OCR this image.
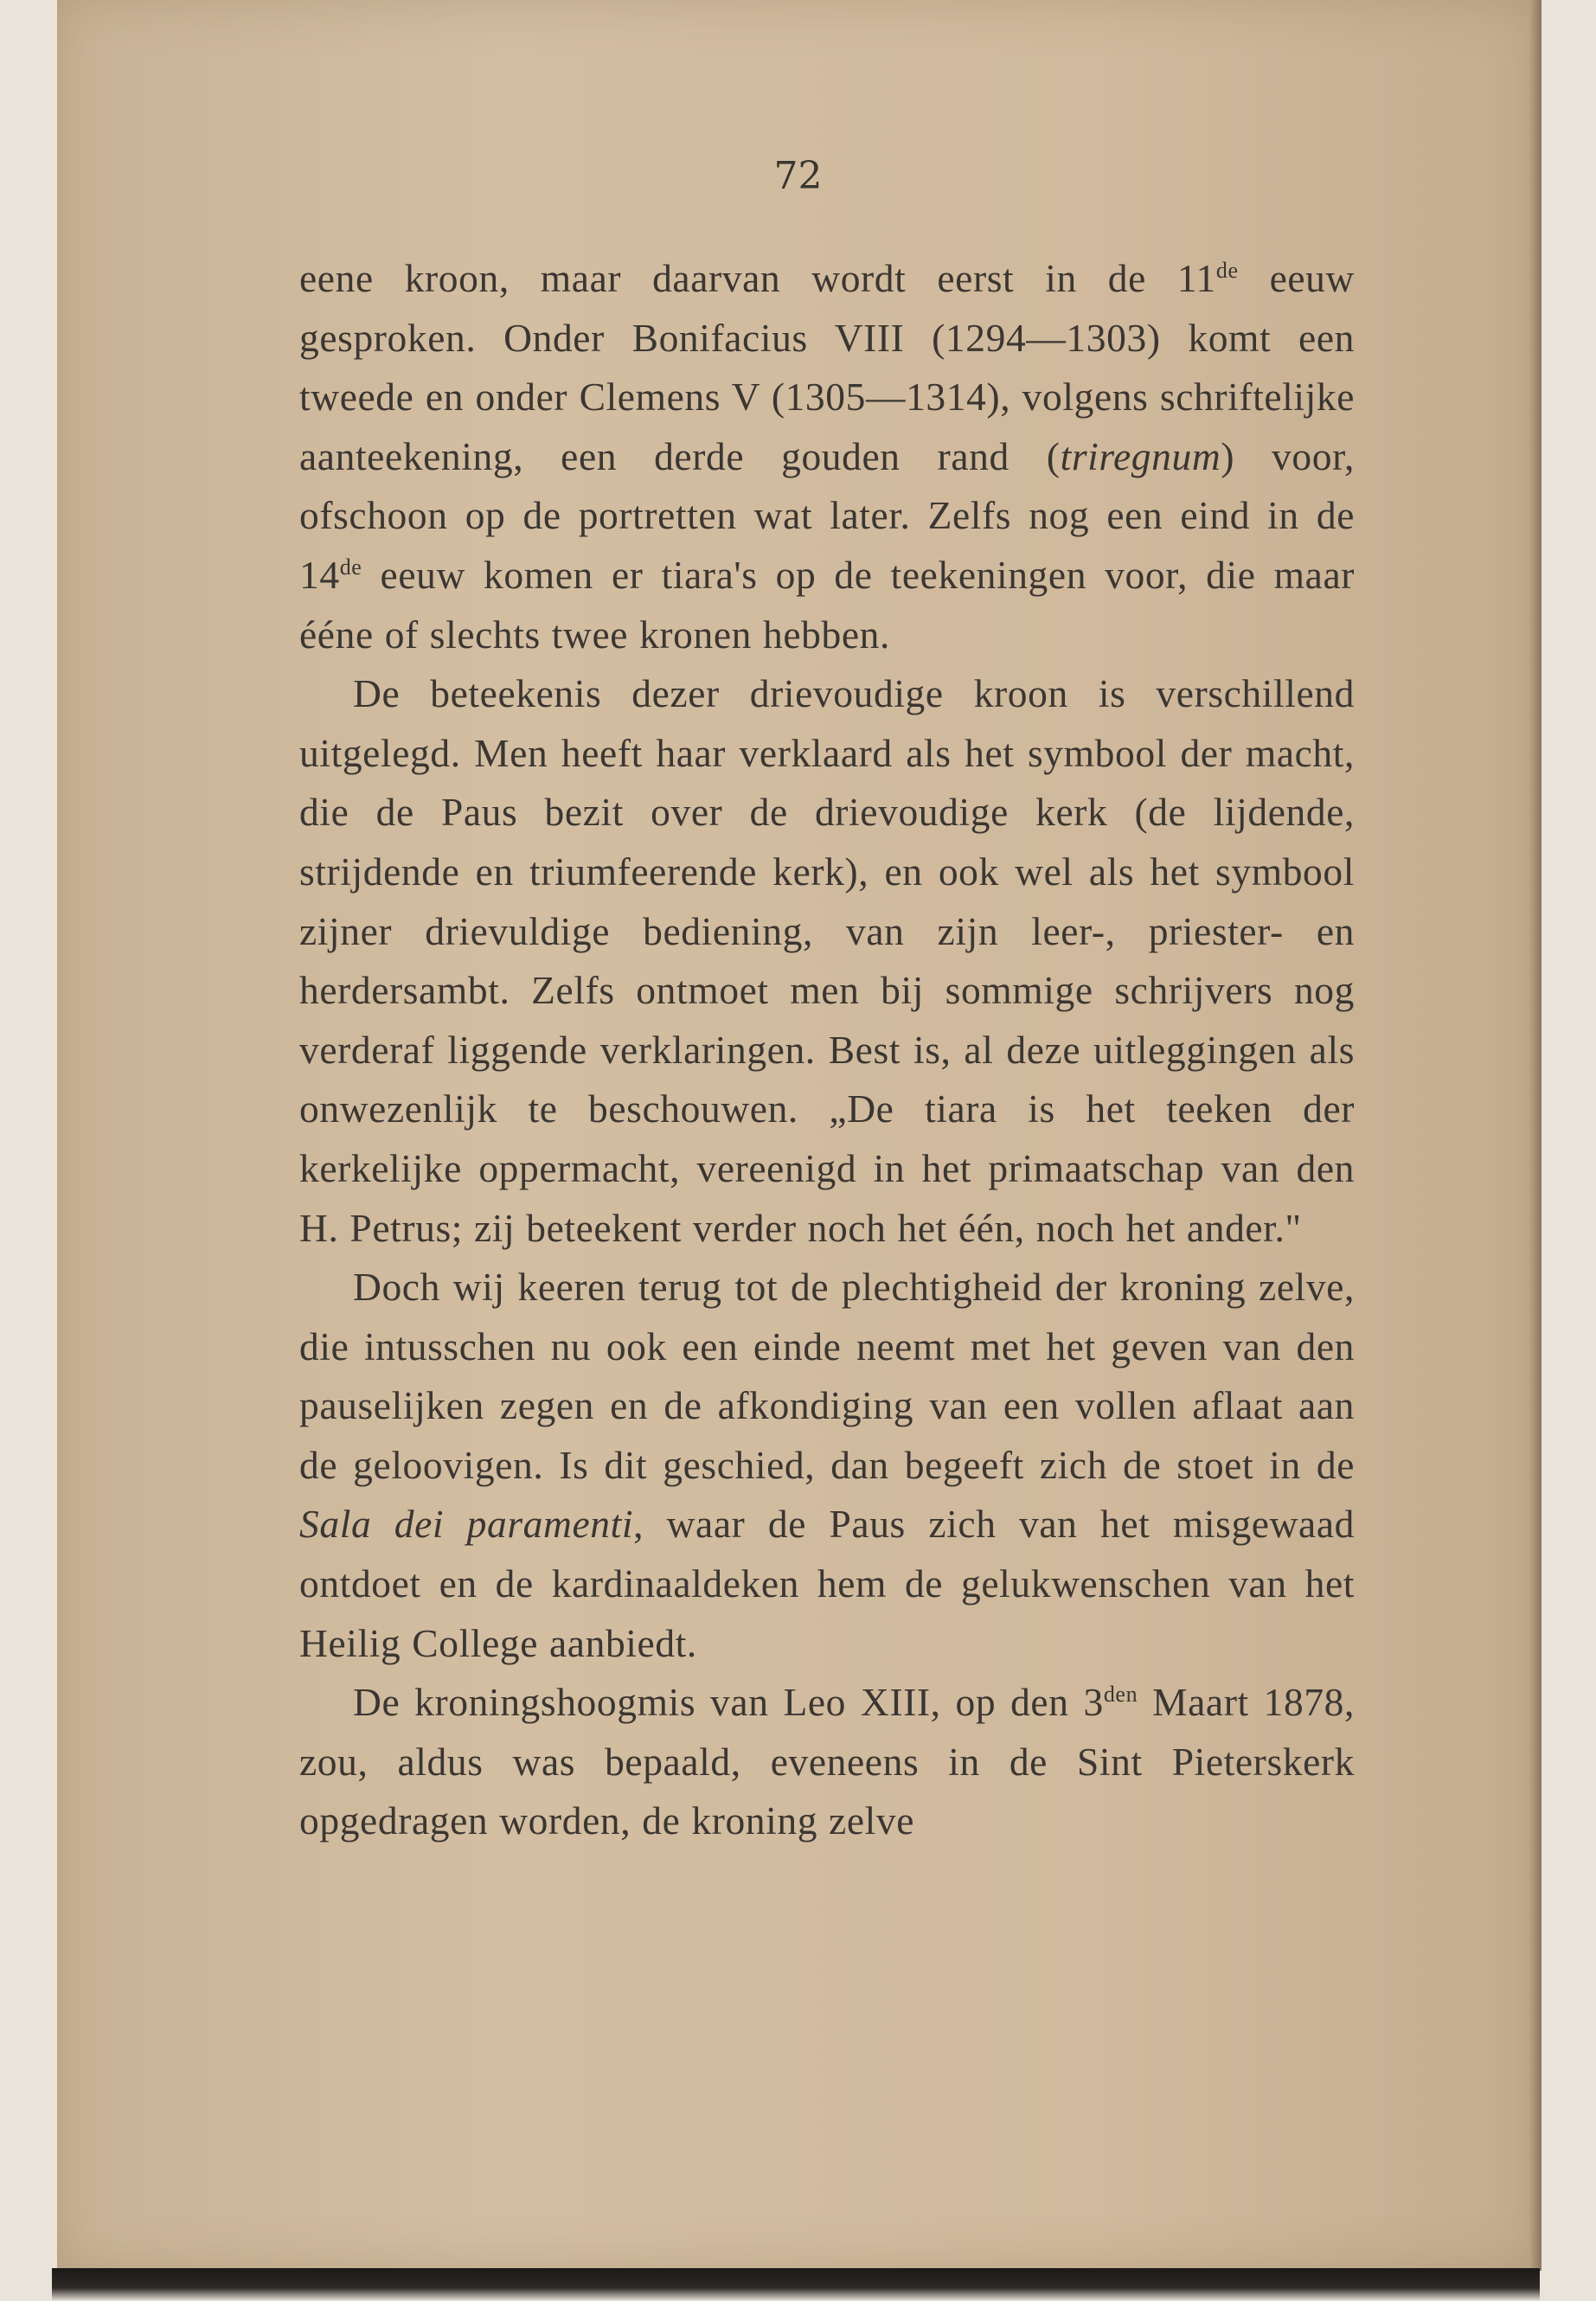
72

eene kroon, maar daarvan wordt eerst in de 11de eeuw gesproken. Onder Bonifacius VIII (1294—1303) komt een tweede en onder Clemens V (1305—1314), volgens schriftelijke aanteekening, een derde gouden rand (triregnum) voor, ofschoon op de portretten wat later. Zelfs nog een eind in de 14de eeuw komen er tiara's op de teekeningen voor, die maar ééne of slechts twee kronen hebben.

De beteekenis dezer drievoudige kroon is verschillend uitgelegd. Men heeft haar verklaard als het symbool der macht, die de Paus bezit over de drievoudige kerk (de lijdende, strijdende en triumfeerende kerk), en ook wel als het symbool zijner drievuldige bediening, van zijn leer-, priester- en herdersambt. Zelfs ontmoet men bij sommige schrijvers nog verderaf liggende verklaringen. Best is, al deze uitleggingen als onwezenlijk te beschouwen. „De tiara is het teeken der kerkelijke oppermacht, vereenigd in het primaatschap van den H. Petrus; zij beteekent verder noch het één, noch het ander."

Doch wij keeren terug tot de plechtigheid der kroning zelve, die intusschen nu ook een einde neemt met het geven van den pauselijken zegen en de afkondiging van een vollen aflaat aan de geloovigen. Is dit geschied, dan begeeft zich de stoet in de Sala dei paramenti, waar de Paus zich van het misgewaad ontdoet en de kardinaaldeken hem de gelukwenschen van het Heilig College aanbiedt.

De kroningshoogmis van Leo XIII, op den $3^{den}$ Maart 1878, zou, aldus was bepaald, eveneens in de Sint Pieterskerk opgedragen worden, de kroning zelve
